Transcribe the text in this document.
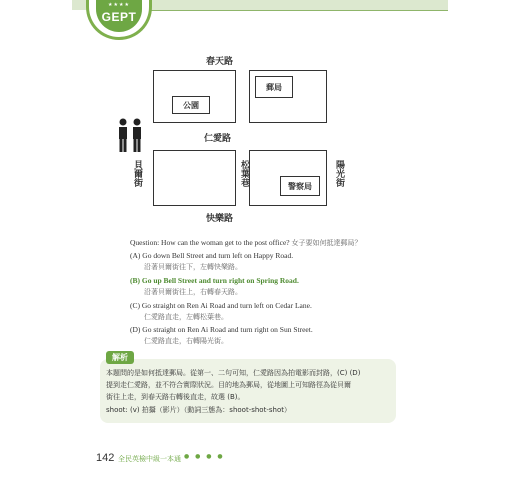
★★★★
GEPT
春天路
公園
郵局
仁愛路
警察局
貝爾街	松葉巷	陽光街
快樂路
Question: How can the woman get to the post office? 女子要如何抵達郵局？
(A) Go down Bell Street and turn left on Happy Road.
沿著貝爾街往下，左轉快樂路。
(B) Go up Bell Street and turn right on Spring Road.
沿著貝爾街往上，右轉春天路。
(C) Go straight on Ren Ai Road and turn left on Cedar Lane.
仁愛路直走，左轉松葉巷。
(D) Go straight on Ren Ai Road and turn right on Sun Street.
仁愛路直走，右轉陽光街。
解析
本題問的是如何抵達郵局。從第一、二句可知，仁愛路因為拍電影而封路，(C) (D)
提到走仁愛路，並不符合實際狀況。目的地為郵局，從地圖上可知路徑為從貝爾
街往上走，到春天路右轉後直走，故選 (B)。
shoot: (v) 拍攝（影片）（動詞三態為：shoot-shot-shot）
142 全民英檢中級一本通 ● ● ● ●
